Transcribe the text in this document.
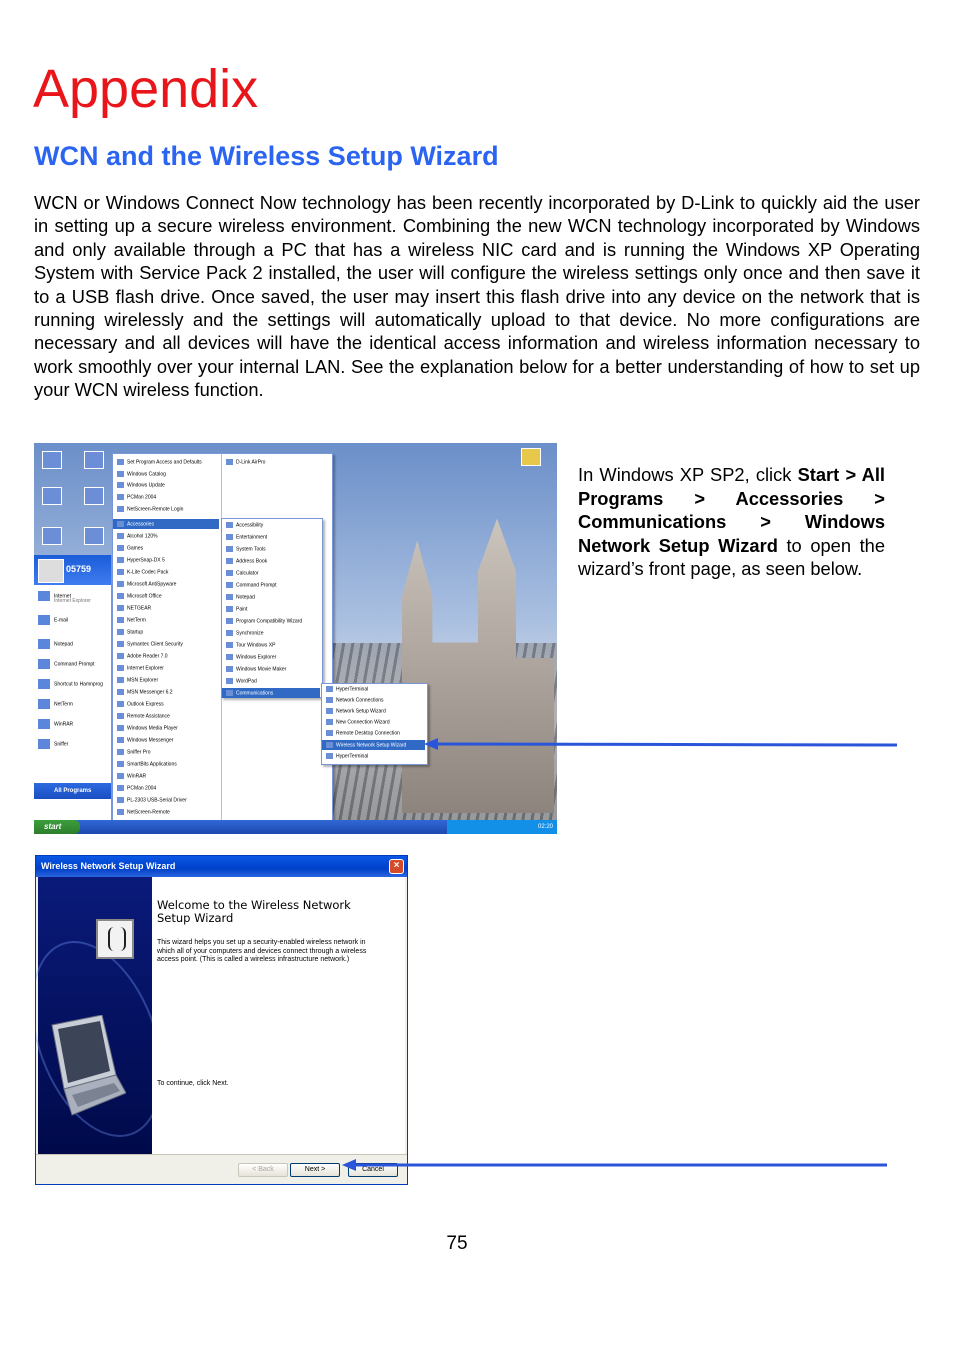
Appendix
WCN and the Wireless Setup Wizard

WCN or Windows Connect Now technology has been recently incorporated by D-Link to quickly aid the user in setting up a secure wireless environment. Combining the new WCN technology incorporated by Windows and only available through a PC that has a wireless NIC card and is running the Windows XP Operating System with Service Pack 2 installed, the user will configure the wireless settings only once and then save it to a USB flash drive. Once saved, the user may insert this flash drive into any device on the network that is running wirelessly and the settings will automatically upload to that device. No more configurations are necessary and all devices will have the identical access information and wireless information necessary to work smoothly over your internal LAN. See the explanation below for a better understanding of how to set up your WCN wireless function.

05759
Internet
Internet Explorer
E-mail
Notepad
Command Prompt
Shortcut to Hamnprog
NetTerm
WinRAR
Sniffer
All Programs
Set Program Access and Defaults
Windows Catalog
Windows Update
PCMan 2004
NetScreen-Remote Login
Accessories
Alcohol 120%
Games
HyperSnap-DX 5
K-Lite Codec Pack
Microsoft AntiSpyware
Microsoft Office
NETGEAR
NetTerm
Startup
Symantec Client Security
Adobe Reader 7.0
Internet Explorer
MSN Explorer
MSN Messenger 6.2
Outlook Express
Remote Assistance
Windows Media Player
Windows Messenger
Sniffer Pro
SmartBits Applications
WinRAR
PCMan 2004
PL-2303 USB-Serial Driver
NetScreen-Remote
D-Link AirPro
Accessibility
Entertainment
System Tools
Address Book
Calculator
Command Prompt
Notepad
Paint
Program Compatibility Wizard
Synchronize
Tour Windows XP
Windows Explorer
Windows Movie Maker
WordPad
Communications
HyperTerminal
Network Connections
Network Setup Wizard
New Connection Wizard
Remote Desktop Connection
Wireless Network Setup Wizard
HyperTerminal
start	02:20

In Windows XP SP2, click Start > All Programs > Accessories > Communications > Windows Network Setup Wizard to open the wizard’s front page, as seen below.

Wireless Network Setup Wizard	×
Welcome to the Wireless Network Setup Wizard
This wizard helps you set up a security-enabled wireless network in which all of your computers and devices connect through a wireless access point. (This is called a wireless infrastructure network.)
To continue, click Next.
< Back	Next >	Cancel
75
